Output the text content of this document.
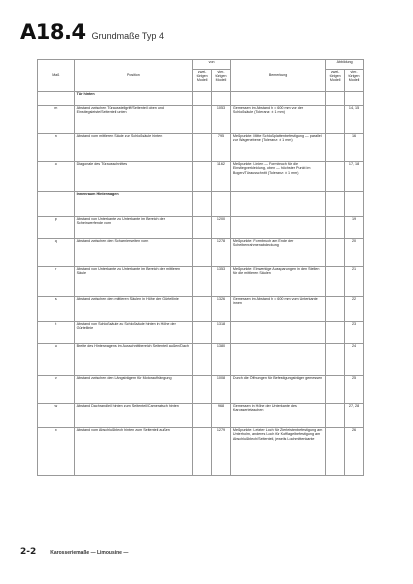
A18.4 Grundmaße Typ 4
Maß	Position	von		Bemerkung	Abbildung	
		zwei-türigen Modell	vier-türigen Modell		zwei-türigen Modell	vier-türigen Modell
	Tür hinten					
m	Abstand zwischen Türausstellgriff/Seitenteil oben und Einstiegsleiste/Seitenteil unten		1053	Gemessen im Abstand h = 600 mm vor der Schloßsäule (Toleranz: ± 1 mm)		14, 15
n	Abstand vom mittleren Säule zur Schloßsäule hinten		795	Meßpunkte: Mitte Schloßplattenbefestigung — parallel zur Wagenebene (Toleranz: ± 1 mm)		16
o	Diagonale des Türausschnittes		1162	Meßpunkte: Linien — Formbruch für die Einstiegverkleidung, oben — höchster Punkt im Bogen/Türausschnitt (Toleranz: ± 1 mm)		17, 18
	Innenraum Hinterwagen					
p	Abstand von Unterkante zu Unterkante im Bereich der Scheinwerfende vorn		1200			19
q	Abstand zwischen den Scharnierseiten vorn		1278	Meßpunkte: Formbruch am Ende der Scheibenrahmenabdeckung		20
r	Abstand von Unterkante zu Unterkante im Bereich der mittleren Säule		1353	Meßpunkte: Einwerkige Aussparungen in den Stellen für die mittleren Säulen		21
s	Abstand zwischen den mittleren Säulen in Höhe der Gürtellinie		1326	Gemessen im Abstand h = 600 mm vom Unterkante innen		22
t	Abstand von Schloßsäule zu Schloßsäule hinten in Höhe der Gürtellinie		1318			23
u	Breite des Hinterwagens im Ausschnittbereich Seitenteil außen/Dach		1380			24
v	Abstand zwischen den Längsträgern für Motoraufhängung		1008	Durch die Öffnungen für Befestigungsträger gemessen		25
w	Abstand Dachrandleil hinten zum Seitenteil/Cameratsch hinten		968	Gemessen in Höhe der Unterkante des Karosserietaschen		27, 28
x	Abstand vom Abschlußblech hinten zum Seitenteil außen		1279	Meßpunkte: Letzter Loch für Zierleistenbefestigung am Unterholm, anderes Loch für Kofflagelbefestigung am Abschlußblech/Seitenteil, jeweils Lochmittenkante		26
2-2	Karosseriemaße — Limousine —
